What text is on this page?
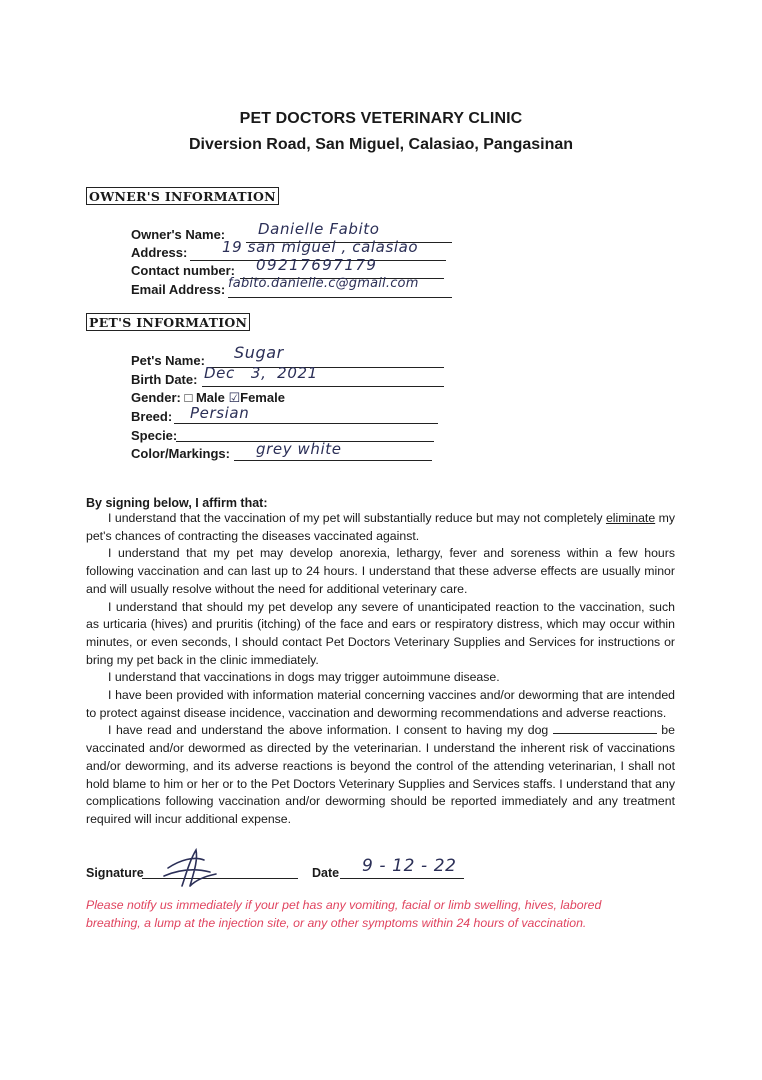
PET DOCTORS VETERINARY CLINIC
Diversion Road, San Miguel, Calasiao, Pangasinan
OWNER'S INFORMATION
Owner's Name: Danielle Fabito
Address: 19 san miguel , calasiao
Contact number: 09217697179
Email Address: fabito.danielle.c@gmail.com
PET'S INFORMATION
Pet's Name: Sugar
Birth Date: Dec   3,  2021
Gender: □ Male ☑Female
Breed: Persian
Specie:
Color/Markings: grey white
By signing below, I affirm that:

I understand that the vaccination of my pet will substantially reduce but may not completely eliminate my pet's chances of contracting the diseases vaccinated against.

I understand that my pet may develop anorexia, lethargy, fever and soreness within a few hours following vaccination and can last up to 24 hours. I understand that these adverse effects are usually minor and will usually resolve without the need for additional veterinary care.

I understand that should my pet develop any severe of unanticipated reaction to the vaccination, such as urticaria (hives) and pruritis (itching) of the face and ears or respiratory distress, which may occur within minutes, or even seconds, I should contact Pet Doctors Veterinary Supplies and Services for instructions or bring my pet back in the clinic immediately.

I understand that vaccinations in dogs may trigger autoimmune disease.

I have been provided with information material concerning vaccines and/or deworming that are intended to protect against disease incidence, vaccination and deworming recommendations and adverse reactions.

I have read and understand the above information. I consent to having my dog	be vaccinated and/or dewormed as directed by the veterinarian. I understand the inherent risk of vaccinations and/or deworming, and its adverse reactions is beyond the control of the attending veterinarian, I shall not hold blame to him or her or to the Pet Doctors Veterinary Supplies and Services staffs. I understand that any complications following vaccination and/or deworming should be reported immediately and any treatment required will incur additional expense.

Signature	Date 9 - 12 - 22
Please notify us immediately if your pet has any vomiting, facial or limb swelling, hives, labored breathing, a lump at the injection site, or any other symptoms within 24 hours of vaccination.
